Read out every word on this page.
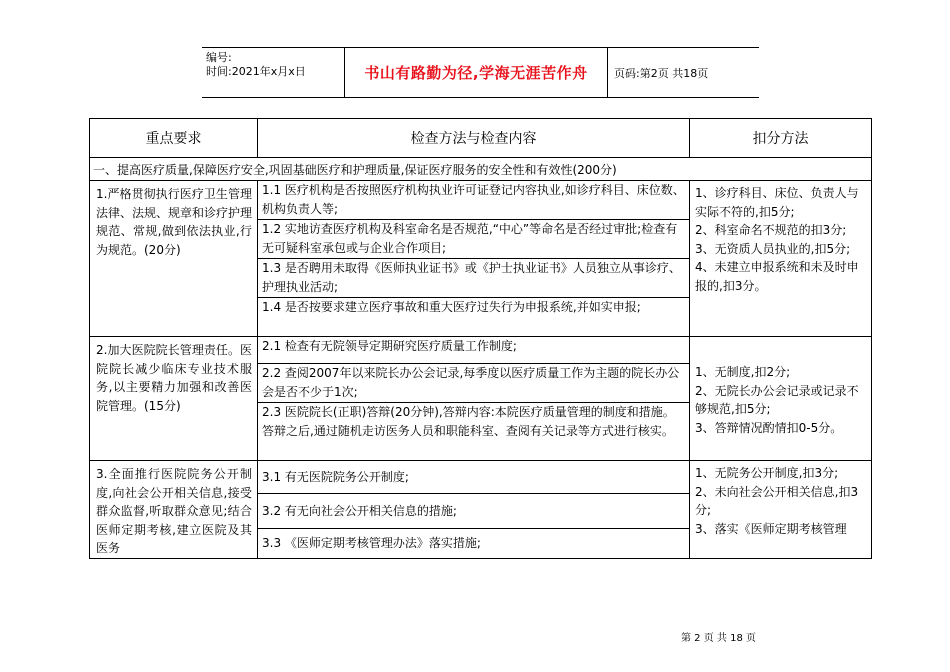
编号:
时间:2021年x月x日	书山有路勤为径,学海无涯苦作舟	页码:第2页 共18页
重点要求	检查方法与检查内容	扣分方法
一、提高医疗质量,保障医疗安全,巩固基础医疗和护理质量,保证医疗服务的安全性和有效性(200分)		
1.严格贯彻执行医疗卫生管理法律、法规、规章和诊疗护理规范、常规,做到依法执业,行为规范。(20分)	1.1 医疗机构是否按照医疗机构执业许可证登记内容执业,如诊疗科目、床位数、机构负责人等;	1、诊疗科目、床位、负责人与实际不符的,扣5分;
2、科室命名不规范的扣3分;
3、无资质人员执业的,扣5分;
4、未建立申报系统和未及时申报的,扣3分。

	1.2 实地访查医疗机构及科室命名是否规范,“中心”等命名是否经过审批;检查有无可疑科室承包或与企业合作项目;	
	1.3 是否聘用未取得《医师执业证书》或《护士执业证书》人员独立从事诊疗、护理执业活动;	
	1.4 是否按要求建立医疗事故和重大医疗过失行为申报系统,并如实申报;	
2.加大医院院长管理责任。医院院长减少临床专业技术服务,以主要精力加强和改善医院管理。(15分)	2.1 检查有无院领导定期研究医疗质量工作制度;	1、无制度,扣2分;
2、无院长办公会记录或记录不够规范,扣5分;
3、答辩情况酌情扣0-5分。

	2.2 查阅2007年以来院长办公会记录,每季度以医疗质量工作为主题的院长办公会是否不少于1次;	
	2.3 医院院长(正职)答辩(20分钟),答辩内容:本院医疗质量管理的制度和措施。答辩之后,通过随机走访医务人员和职能科室、查阅有关记录等方式进行核实。	
3.全面推行医院院务公开制度,向社会公开相关信息,接受群众监督,听取群众意见;结合医师定期考核,建立医院及其医务	3.1 有无医院院务公开制度;	1、无院务公开制度,扣3分;
2、未向社会公开相关信息,扣3分;
3、落实《医师定期考核管理

	3.2 有无向社会公开相关信息的措施;	
	3.3 《医师定期考核管理办法》落实措施;	
第 2 页 共 18 页
